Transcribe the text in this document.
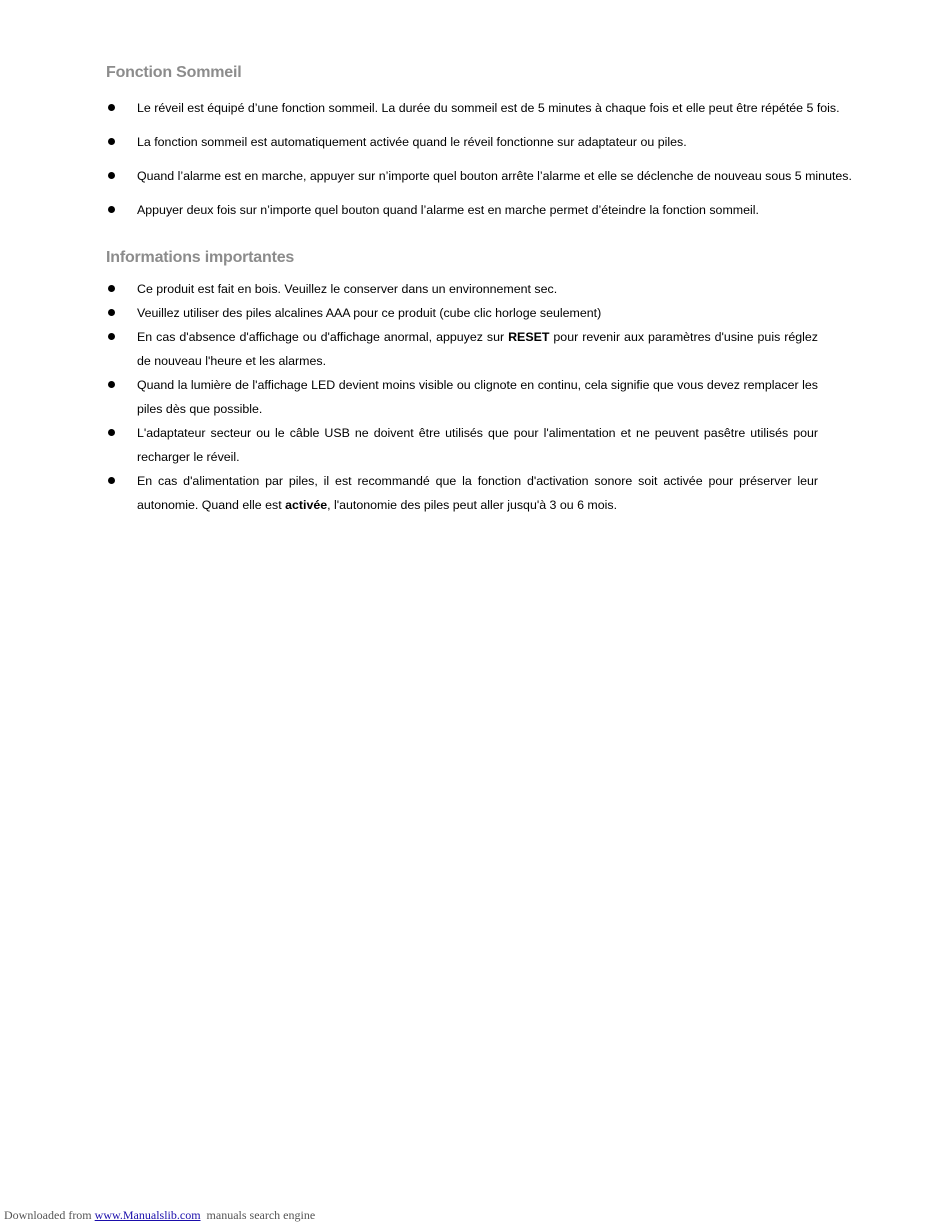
Fonction Sommeil
Le réveil est équipé d’une fonction sommeil. La durée du sommeil est de 5 minutes à chaque fois et elle peut être répétée 5 fois.
La fonction sommeil est automatiquement activée quand le réveil fonctionne sur adaptateur ou piles.
Quand l’alarme est en marche, appuyer sur n’importe quel bouton arrête l’alarme et elle se déclenche de nouveau sous 5 minutes.
Appuyer deux fois sur n’importe quel bouton quand l’alarme est en marche permet d’éteindre la fonction sommeil.
Informations importantes
Ce produit est fait en bois. Veuillez le conserver dans un environnement sec.
Veuillez utiliser des piles alcalines AAA pour ce produit (cube clic horloge seulement)
En cas d'absence d'affichage ou d'affichage anormal, appuyez sur RESET pour revenir aux paramètres d'usine puis réglez de nouveau l'heure et les alarmes.
Quand la lumière de l'affichage LED devient moins visible ou clignote en continu, cela signifie que vous devez remplacer les piles dès que possible.
L'adaptateur secteur ou le câble USB ne doivent être utilisés que pour l'alimentation et ne peuvent pasêtre utilisés pour recharger le réveil.
En cas d'alimentation par piles, il est recommandé que la fonction d'activation sonore soit activée pour préserver leur autonomie. Quand elle est activée, l'autonomie des piles peut aller jusqu'à 3 ou 6 mois.
Downloaded from www.Manualslib.com  manuals search engine
